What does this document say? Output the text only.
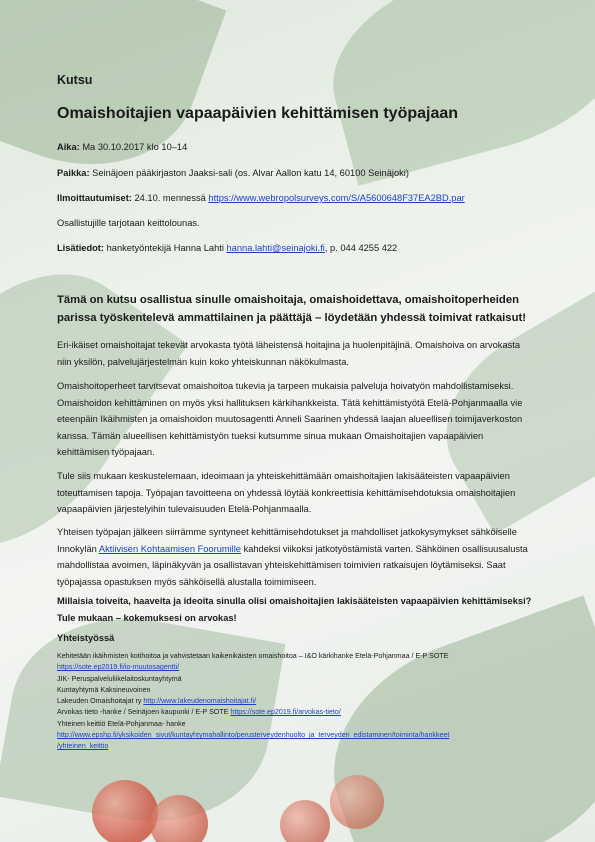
Kutsu
Omaishoitajien vapaapäivien kehittämisen työpajaan
Aika: Ma 30.10.2017 klo 10–14
Paikka: Seinäjoen pääkirjaston Jaaksi-sali (os. Alvar Aallon katu 14, 60100 Seinäjoki)
Ilmoittautumiset: 24.10. mennessä https://www.webropolsurveys.com/S/A5600648F37EA2BD.par
Osallistujille tarjotaan keittolounas.
Lisätiedot: hanketyöntekijä Hanna Lahti hanna.lahti@seinajoki.fi, p. 044 4255 422
Tämä on kutsu osallistua sinulle omaishoitaja, omaishoidettava, omaishoitoperheiden parissa työskentelevä ammattilainen ja päättäjä – löydetään yhdessä toimivat ratkaisut!
Eri-ikäiset omaishoitajat tekevät arvokasta työtä läheistensä hoitajina ja huolenpitäjinä. Omaishoiva on arvokasta niin yksilön, palvelujärjestelmän kuin koko yhteiskunnan näkökulmasta.
Omaishoitoperheet tarvitsevat omaishoitoa tukevia ja tarpeen mukaisia palveluja hoivatyön mahdollistamiseksi. Omaishoidon kehittäminen on myös yksi hallituksen kärkihankkeista. Tätä kehittämistyötä Etelä-Pohjanmaalla vie eteenpäin Ikäihmisten ja omaishoidon muutosagentti Anneli Saarinen yhdessä laajan alueellisen toimijaverkoston kanssa. Tämän alueellisen kehittämistyön tueksi kutsumme sinua mukaan Omaishoitajien vapaapäivien kehittämisen työpajaan.
Tule siis mukaan keskustelemaan, ideoimaan ja yhteiskehittämään omaishoitajien lakisääteisten vapaapäivien toteuttamisen tapoja. Työpajan tavoitteena on yhdessä löytää konkreettisia kehittämisehdotuksia omaishoitajien vapaapäivien järjestelyihin tulevaisuuden Etelä-Pohjanmaalla.
Yhteisen työpajan jälkeen siirrämme syntyneet kehittämisehdotukset ja mahdolliset jatkokysymykset sähköiselle Innokylän Aktiivisen Kohtaamisen Foorumille kahdeksi viikoksi jatkotyöstämistä varten. Sähköinen osallisuusalusta mahdollistaa avoimen, läpinäkyvän ja osallistavan yhteiskehittämisen toimivien ratkaisujen löytämiseksi. Saat työpajassa opastuksen myös sähköisellä alustalla toimimiseen.
Millaisia toiveita, haaveita ja ideoita sinulla olisi omaishoitajien lakisääteisten vapaapäivien kehittämiseksi? Tule mukaan – kokemuksesi on arvokas!
Yhteistyössä
Kehitetään ikäihmisten kotihoitoa ja vahvistetaan kaikenikäisten omaishoitoa – I&O kärkihanke Etelä-Pohjanmaa / E-P SOTE
https://sote.ep2019.fi/io-muutosagentti/
JIK- Peruspalveluliikelaitoskuntayhtymä
Kuntayhtymä Kaksineuvoinen
Lakeuden Omaishoitajat ry http://www.lakeudenomaishoitajat.fi/
Arvokas tieto -hanke / Seinäjoen kaupunki / E-P SOTE https://sote.ep2019.fi/arvokas-tieto/
Yhteinen keittiö Etelä-Pohjanmaa- hanke
http://www.epshp.fi/yksikoiden_sivut/kuntayhtymahallinto/perusterveydenhuolto_ja_terveyden_edistaminen/toiminta/hankkeet
/yhteinen_keittio
